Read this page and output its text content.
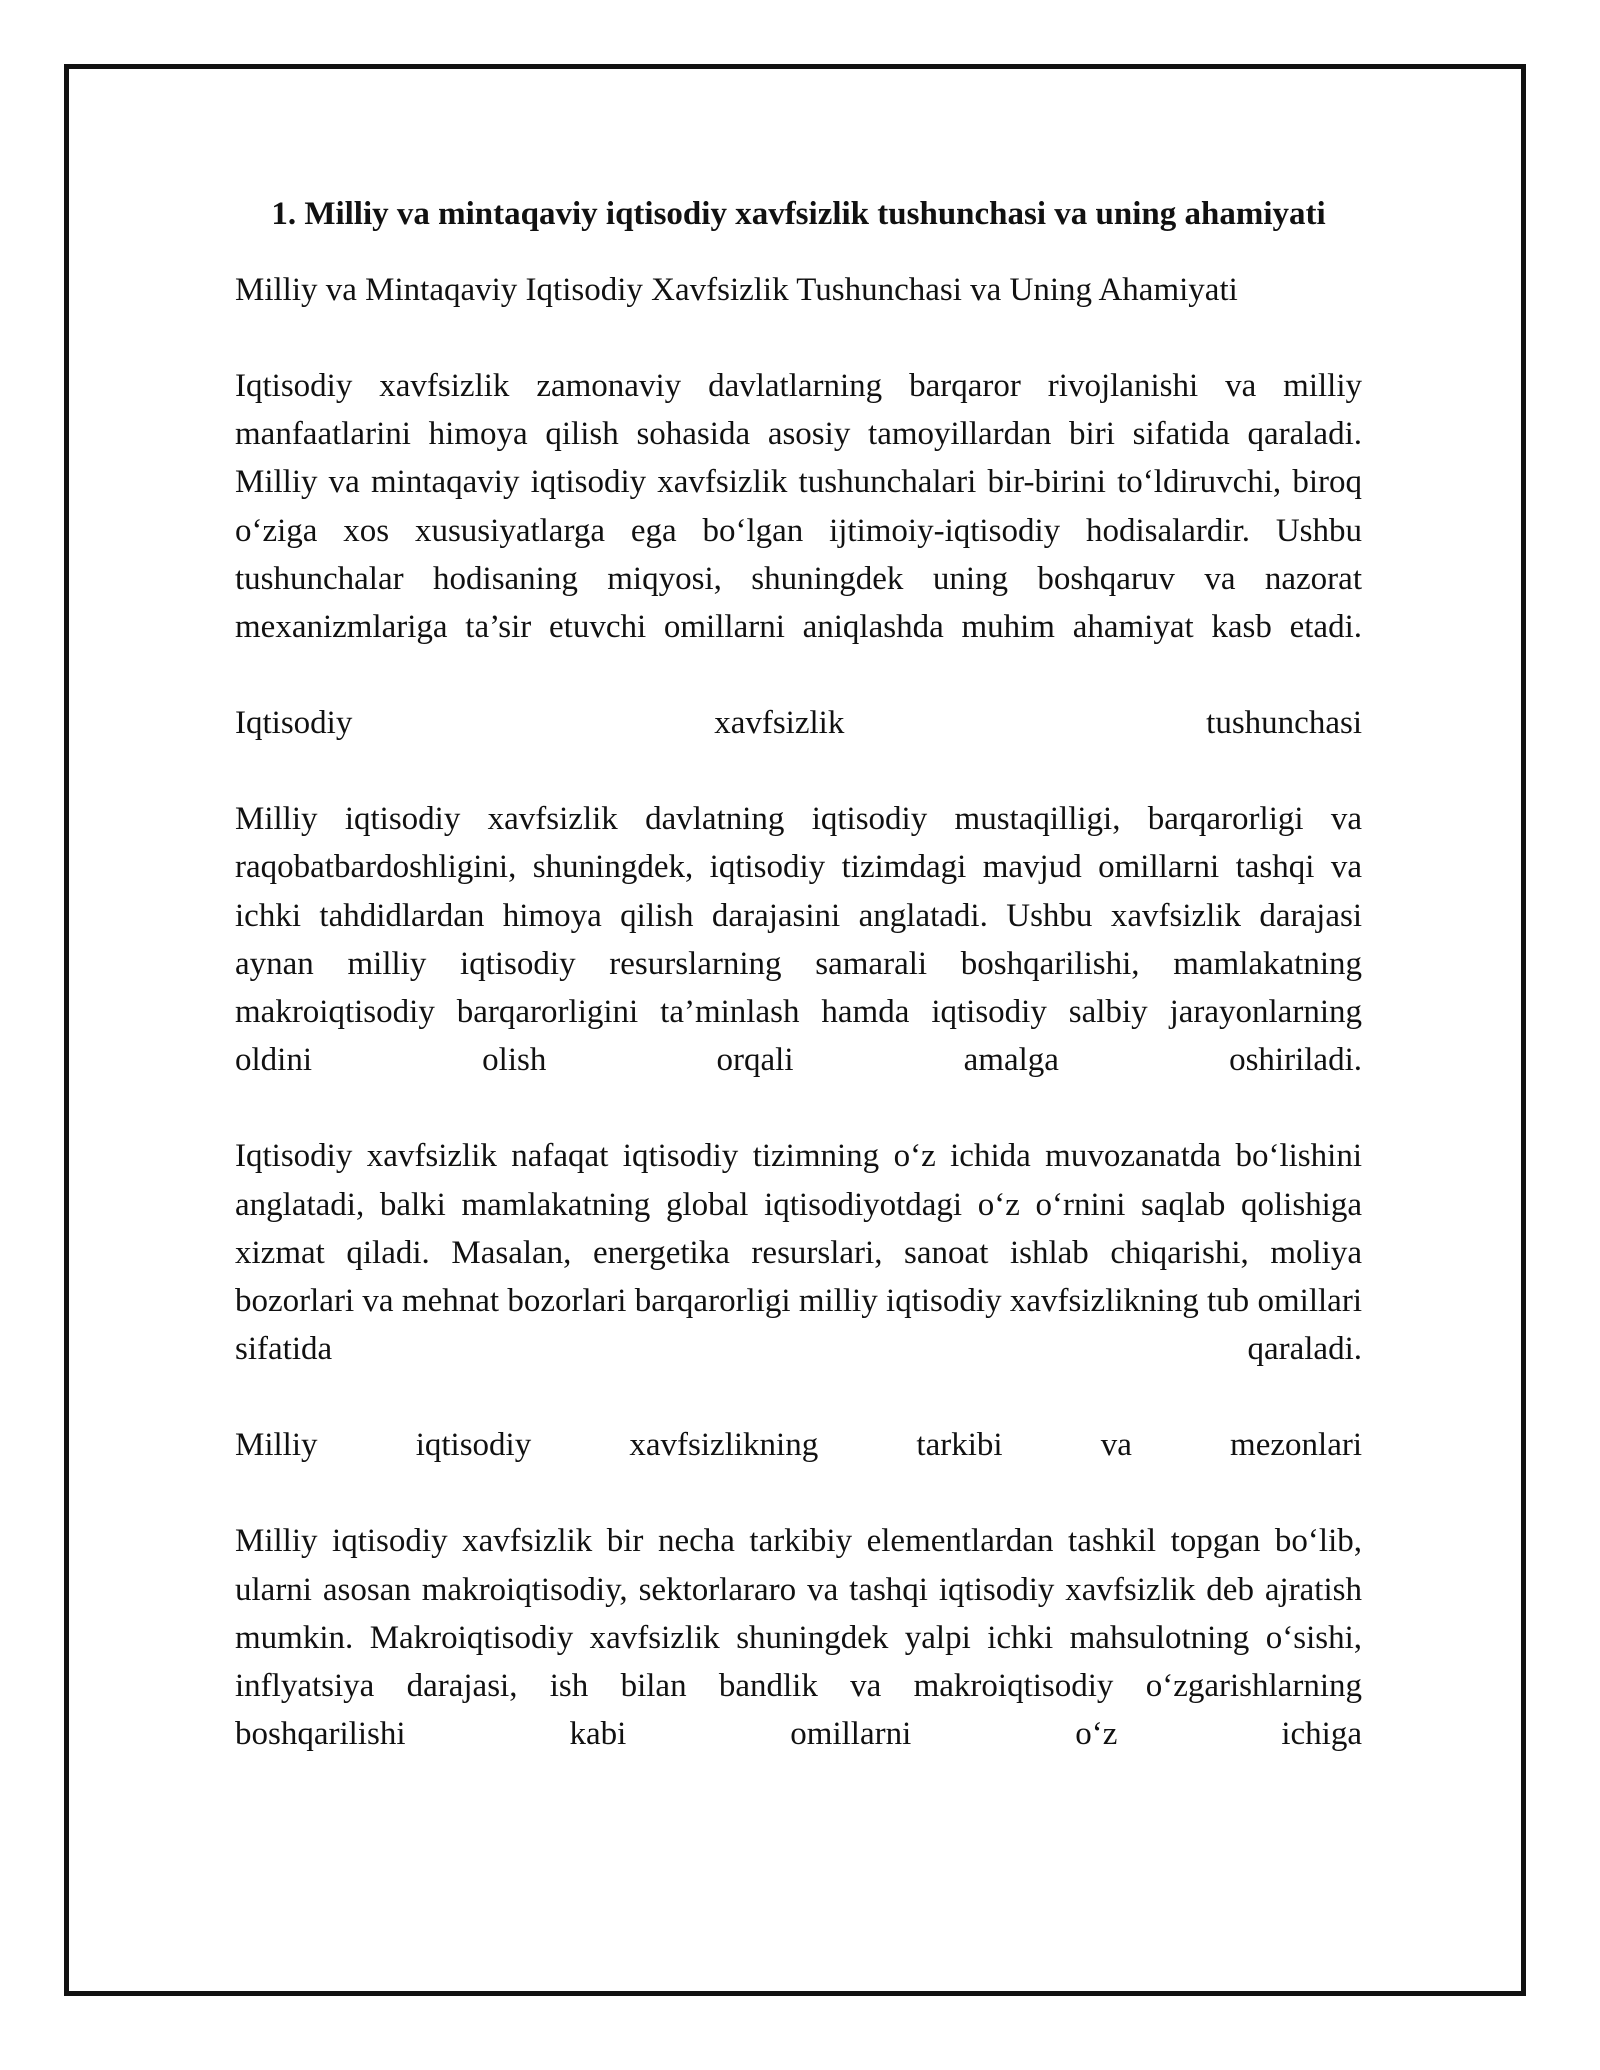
1. Milliy va mintaqaviy iqtisodiy xavfsizlik tushunchasi va uning ahamiyati
Milliy va Mintaqaviy Iqtisodiy Xavfsizlik Tushunchasi va Uning Ahamiyati
Iqtisodiy xavfsizlik zamonaviy davlatlarning barqaror rivojlanishi va milliy manfaatlarini himoya qilish sohasida asosiy tamoyillardan biri sifatida qaraladi. Milliy va mintaqaviy iqtisodiy xavfsizlik tushunchalari bir-birini to‘ldiruvchi, biroq o‘ziga xos xususiyatlarga ega bo‘lgan ijtimoiy-iqtisodiy hodisalardir. Ushbu tushunchalar hodisaning miqyosi, shuningdek uning boshqaruv va nazorat mexanizmlariga ta’sir etuvchi omillarni aniqlashda muhim ahamiyat kasb etadi.
Iqtisodiy xavfsizlik tushunchasi
Milliy iqtisodiy xavfsizlik davlatning iqtisodiy mustaqilligi, barqarorligi va raqobatbardoshligini, shuningdek, iqtisodiy tizimdagi mavjud omillarni tashqi va ichki tahdidlardan himoya qilish darajasini anglatadi. Ushbu xavfsizlik darajasi aynan milliy iqtisodiy resurslarning samarali boshqarilishi, mamlakatning makroiqtisodiy barqarorligini ta’minlash hamda iqtisodiy salbiy jarayonlarning oldini olish orqali amalga oshiriladi.
Iqtisodiy xavfsizlik nafaqat iqtisodiy tizimning o‘z ichida muvozanatda bo‘lishini anglatadi, balki mamlakatning global iqtisodiyotdagi o‘z o‘rnini saqlab qolishiga xizmat qiladi. Masalan, energetika resurslari, sanoat ishlab chiqarishi, moliya bozorlari va mehnat bozorlari barqarorligi milliy iqtisodiy xavfsizlikning tub omillari sifatida qaraladi.
Milliy iqtisodiy xavfsizlikning tarkibi va mezonlari
Milliy iqtisodiy xavfsizlik bir necha tarkibiy elementlardan tashkil topgan bo‘lib, ularni asosan makroiqtisodiy, sektorlararo va tashqi iqtisodiy xavfsizlik deb ajratish mumkin. Makroiqtisodiy xavfsizlik shuningdek yalpi ichki mahsulotning o‘sishi, inflyatsiya darajasi, ish bilan bandlik va makroiqtisodiy o‘zgarishlarning boshqarilishi kabi omillarni o‘z ichiga
